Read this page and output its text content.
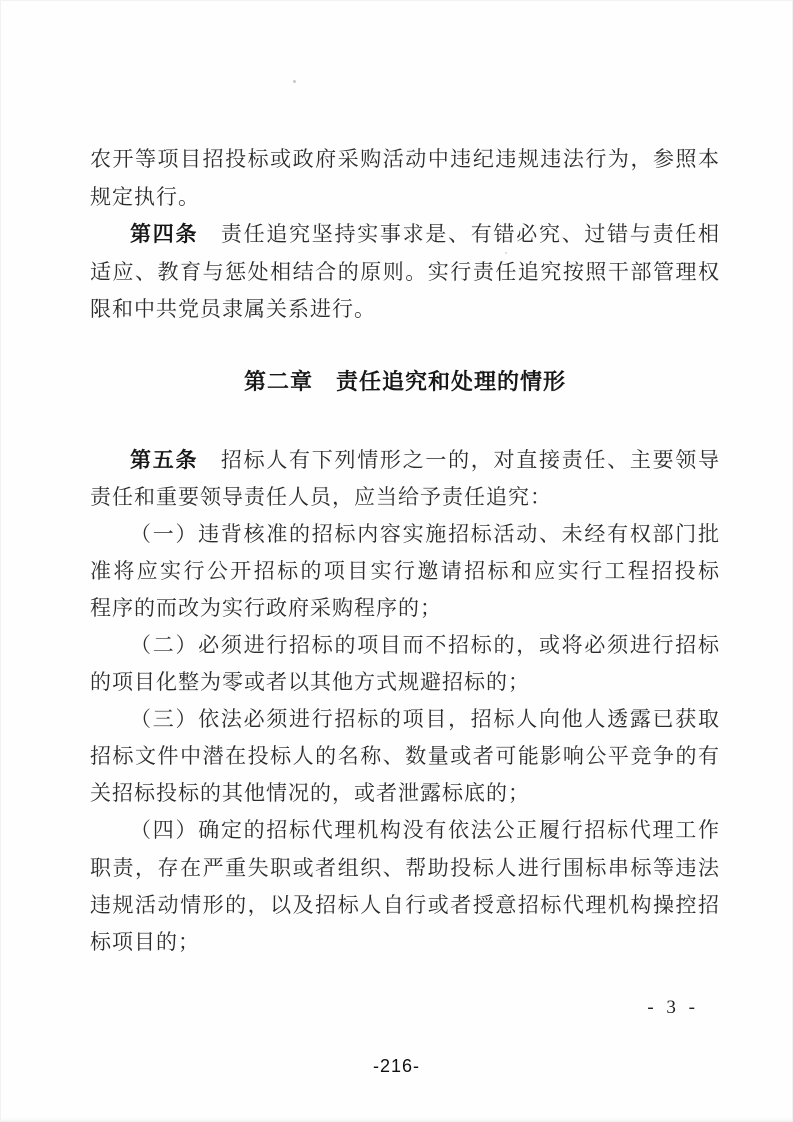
农开等项目招投标或政府采购活动中违纪违规违法行为，参照本
规定执行。
第四条　责任追究坚持实事求是、有错必究、过错与责任相
适应、教育与惩处相结合的原则。实行责任追究按照干部管理权
限和中共党员隶属关系进行。
第二章　责任追究和处理的情形
第五条　招标人有下列情形之一的，对直接责任、主要领导
责任和重要领导责任人员，应当给予责任追究：
（一）违背核准的招标内容实施招标活动、未经有权部门批
准将应实行公开招标的项目实行邀请招标和应实行工程招投标
程序的而改为实行政府采购程序的；
（二）必须进行招标的项目而不招标的，或将必须进行招标
的项目化整为零或者以其他方式规避招标的；
（三）依法必须进行招标的项目，招标人向他人透露已获取
招标文件中潜在投标人的名称、数量或者可能影响公平竞争的有
关招标投标的其他情况的，或者泄露标底的；
（四）确定的招标代理机构没有依法公正履行招标代理工作
职责，存在严重失职或者组织、帮助投标人进行围标串标等违法
违规活动情形的，以及招标人自行或者授意招标代理机构操控招
标项目的；
- 3 -
-216-
